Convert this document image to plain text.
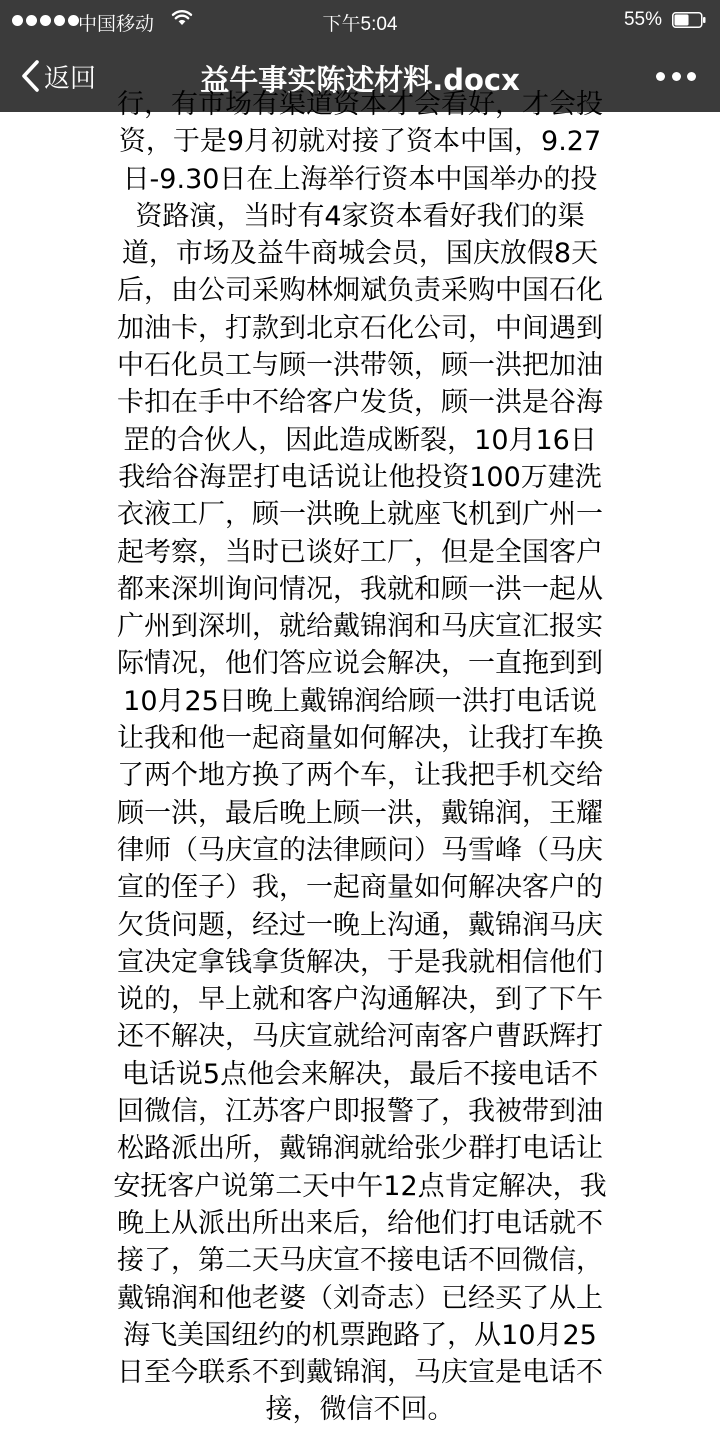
中国移动	下午5:04	55%
返回	益牛事实陈述材料.docx

行，有市场有渠道资本才会看好，才会投资，于是9月初就对接了资本中国，9.27日-9.30日在上海举行资本中国举办的投资路演，当时有4家资本看好我们的渠道，市场及益牛商城会员，国庆放假8天后，由公司采购林炯斌负责采购中国石化加油卡，打款到北京石化公司，中间遇到中石化员工与顾一洪带领，顾一洪把加油卡扣在手中不给客户发货，顾一洪是谷海罡的合伙人，因此造成断裂，10月16日我给谷海罡打电话说让他投资100万建洗衣液工厂，顾一洪晚上就座飞机到广州一起考察，当时已谈好工厂，但是全国客户都来深圳询问情况，我就和顾一洪一起从广州到深圳，就给戴锦润和马庆宣汇报实际情况，他们答应说会解决，一直拖到到10月25日晚上戴锦润给顾一洪打电话说让我和他一起商量如何解决，让我打车换了两个地方换了两个车，让我把手机交给顾一洪，最后晚上顾一洪，戴锦润，王耀律师（马庆宣的法律顾问）马雪峰（马庆宣的侄子）我，一起商量如何解决客户的欠货问题，经过一晚上沟通，戴锦润马庆宣决定拿钱拿货解决，于是我就相信他们说的，早上就和客户沟通解决，到了下午还不解决，马庆宣就给河南客户曹跃辉打电话说5点他会来解决，最后不接电话不回微信，江苏客户即报警了，我被带到油松路派出所，戴锦润就给张少群打电话让安抚客户说第二天中午12点肯定解决，我晚上从派出所出来后，给他们打电话就不接了，第二天马庆宣不接电话不回微信，戴锦润和他老婆（刘奇志）已经买了从上海飞美国纽约的机票跑路了，从10月25日至今联系不到戴锦润，马庆宣是电话不接，微信不回。
